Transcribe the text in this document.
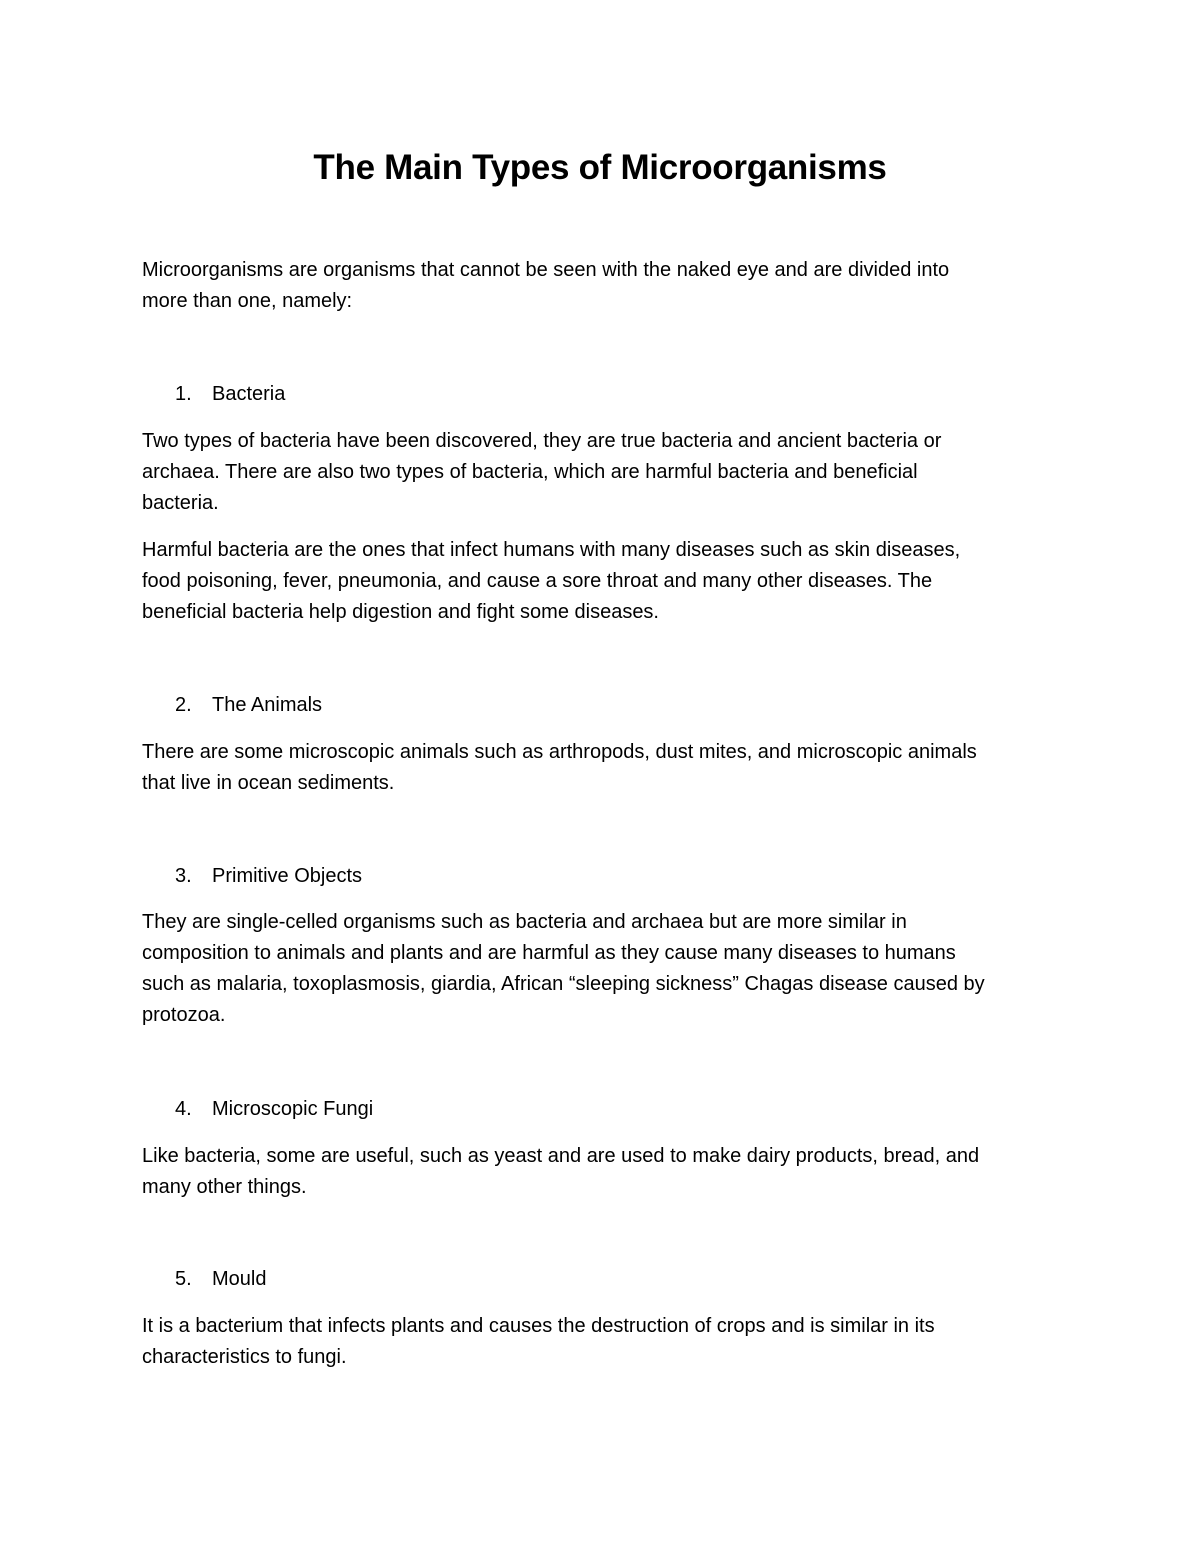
The Main Types of Microorganisms

Microorganisms are organisms that cannot be seen with the naked eye and are divided into
more than one, namely:

1.	Bacteria

Two types of bacteria have been discovered, they are true bacteria and ancient bacteria or
archaea. There are also two types of bacteria, which are harmful bacteria and beneficial
bacteria.

Harmful bacteria are the ones that infect humans with many diseases such as skin diseases,
food poisoning, fever, pneumonia, and cause a sore throat and many other diseases. The
beneficial bacteria help digestion and fight some diseases.

2.	The Animals

There are some microscopic animals such as arthropods, dust mites, and microscopic animals
that live in ocean sediments.

3.	Primitive Objects

They are single-celled organisms such as bacteria and archaea but are more similar in
composition to animals and plants and are harmful as they cause many diseases to humans
such as malaria, toxoplasmosis, giardia, African “sleeping sickness” Chagas disease caused by
protozoa.

4.	Microscopic Fungi

Like bacteria, some are useful, such as yeast and are used to make dairy products, bread, and
many other things.

5.	Mould

It is a bacterium that infects plants and causes the destruction of crops and is similar in its
characteristics to fungi.
